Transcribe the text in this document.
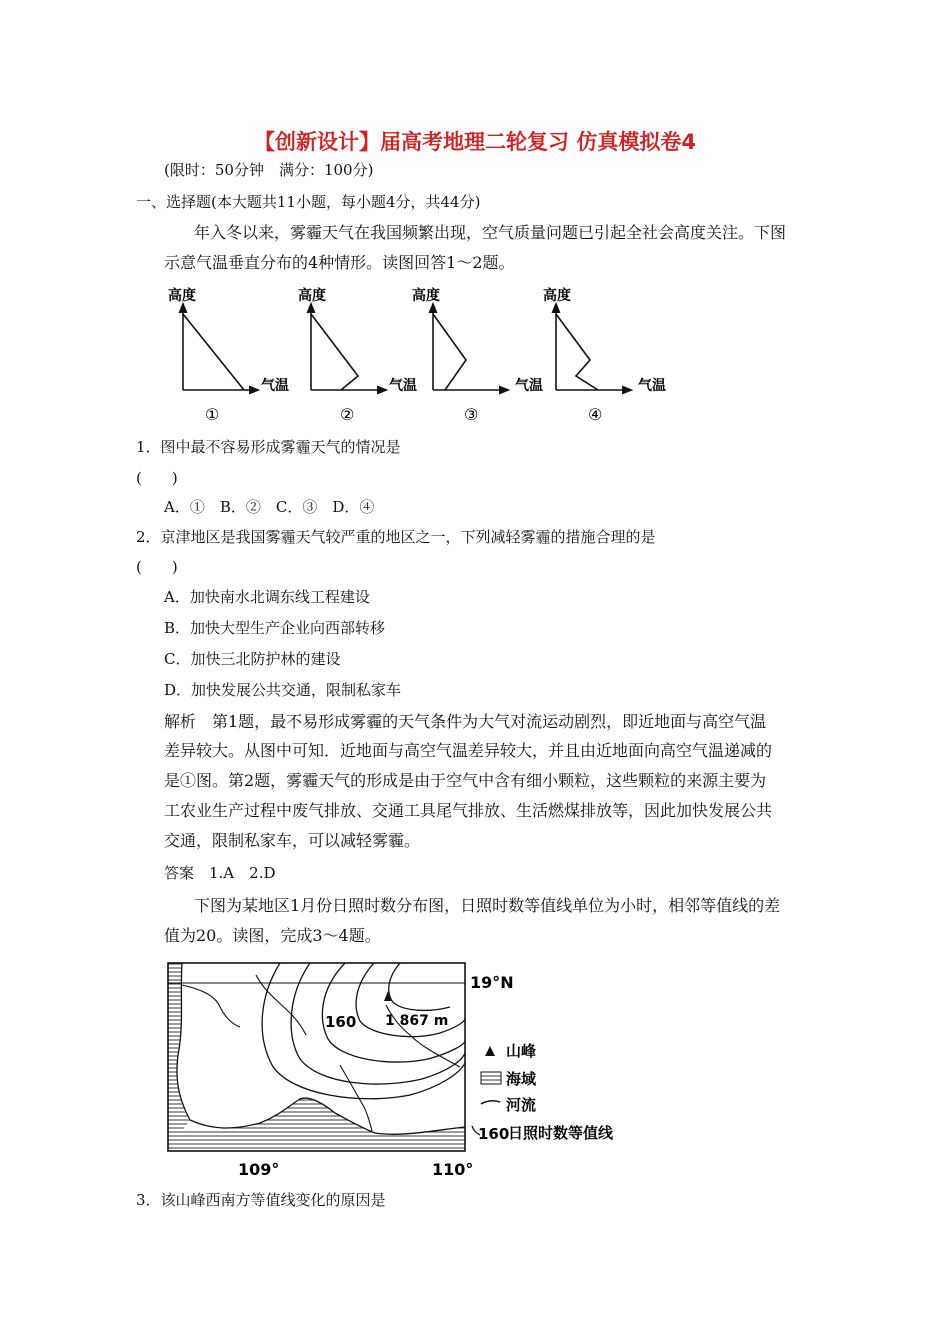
【创新设计】届高考地理二轮复习 仿真模拟卷4
(限时：50分钟　满分：100分)
一、选择题(本大题共11小题，每小题4分，共44分)
年入冬以来，雾霾天气在我国频繁出现，空气质量问题已引起全社会高度关注。下图
示意气温垂直分布的4种情形。读图回答1～2题。
高度
气温
①
高度
气温
②
高度
气温
③
高度
气温
④
1．图中最不容易形成雾霾天气的情况是
(　　)
A．①　B．②　C．③　D．④
2．京津地区是我国雾霾天气较严重的地区之一，下列减轻雾霾的措施合理的是
(　　)
A．加快南水北调东线工程建设
B．加快大型生产企业向西部转移
C．加快三北防护林的建设
D．加快发展公共交通，限制私家车
解析　第1题，最不易形成雾霾的天气条件为大气对流运动剧烈，即近地面与高空气温
差异较大。从图中可知．近地面与高空气温差异较大，并且由近地面向高空气温递减的
是①图。第2题，雾霾天气的形成是由于空气中含有细小颗粒，这些颗粒的来源主要为
工农业生产过程中废气排放、交通工具尾气排放、生活燃煤排放等，因此加快发展公共
交通，限制私家车，可以减轻雾霾。
答案　1.A　2.D
下图为某地区1月份日照时数分布图，日照时数等值线单位为小时，相邻等值线的差
值为20。读图，完成3～4题。
1 867 m
160
19°N
109°	110°
山峰
海域
河流
160
日照时数等值线
3．该山峰西南方等值线变化的原因是
